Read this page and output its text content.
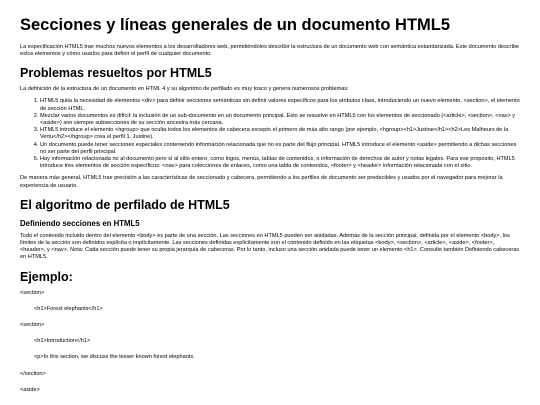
Secciones y líneas generales de un documento HTML5

La especificación HTML5 trae muchos nuevos elementos a los desarrolladores web, permitiéndoles describir la estructura de un documento web con semántica estandarizada. Este documento describe estos elementos y cómo usarlos para definir el perfil de cualquier documento.

Problemas resueltos por HTML5

La definición de la estructura de un documento en HTML 4 y su algoritmo de perfilado es muy tosco y genera numerosos problemas:

1. HTML5 quita la necesidad de elementos <div> para definir secciones semánticas sin definir valores específicos para los atributos class, introduciendo un nuevo elemento, <section>, el elemento de sección HTML.
2. Mezclar varios documentos es difícil: la inclusión de un sub-documento en un documento principal. Esto se resuelve en HTML5 con los elementos de seccionado (<article>, <section>, <nav> y <aside>) son siempre subsecciones de su sección ancestra más cercana.
3. HTML5 introduce el elemento <hgroup> que oculta todos los elementos de cabecera excepto el primero de más alto rango (por ejemplo, <hgroup><h1>Justine</h1><h2>Les Malheurs de la Vertu</h2></hgroup> crea el perfil 1. Justine).
4. Un documento puede tener secciones especiales conteniendo información relacionada que no es parte del flujo principal. HTML5 introduce el elemento <aside> permitiendo a dichas secciones no ser parte del perfil principal.
5. Hay información relacionada no al documento pero sí al sitio entero, como logos, menús, tablas de contenidos, o información de derechos de autor y notas legales. Para ese propósito, HTML5 introduce tres elementos de sección específicos: <nav> para colecciones de enlaces, como una tabla de contenidos, <footer> y <header> información relacionada con el sitio.

De manera más general, HTML5 trae precisión a las características de seccionado y cabecera, permitiendo a los perfiles de documento ser predecibles y usados por el navegador para mejorar la experiencia de usuario.

El algoritmo de perfilado de HTML5
Definiendo secciones en HTML5

Todo el contenido incluido dentro del elemento <body> es parte de una sección. Las secciones en HTML5 pueden ser anidadas. Además de la sección principal, definida por el elemento <body>, los límites de la sección son definidos explícita o implícitamente. Las secciones definidas explícitamente son el contenido definido en las etiquetas <body>, <section>, <article>, <aside>, <footer>, <header>, y <nav>. Nota: Cada sección puede tener su propia jerarquía de cabeceras. Por lo tanto, incluso una sección anidada puede tener un elemento <h1>. Consulte también Definiendo cabeceras en HTML5.

Ejemplo:

<section>

<h1>Forest elephants</h1>

<section>

<h1>Introduction</h1>

<p>In this section, we discuss the lesser known forest elephants.

</section>

<aside>
